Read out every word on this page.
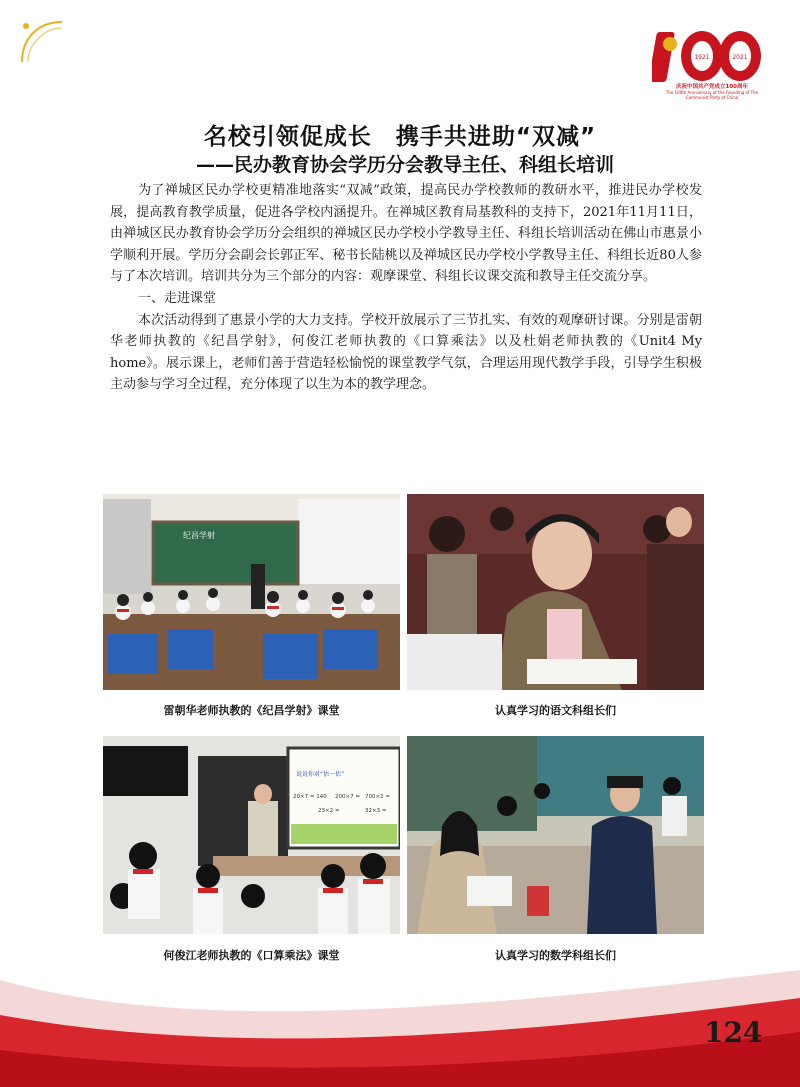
1921	2021
庆祝中国共产党成立100周年
The 100th Anniversary of the Founding of The Communist Party of China
名校引领促成长　携手共进助“双减”
——民办教育协会学历分会教导主任、科组长培训

为了禅城区民办学校更精准地落实“双减”政策，提高民办学校教师的教研水平，推进民办学校发展，提高教育教学质量，促进各学校内涵提升。在禅城区教育局基教科的支持下，2021年11月11日，由禅城区民办教育协会学历分会组织的禅城区民办学校小学教导主任、科组长培训活动在佛山市惠景小学顺利开展。学历分会副会长郭正军、秘书长陆桃以及禅城区民办学校小学教导主任、科组长近80人参与了本次培训。培训共分为三个部分的内容：观摩课堂、科组长议课交流和教导主任交流分享。

一、走进课堂

本次活动得到了惠景小学的大力支持。学校开放展示了三节扎实、有效的观摩研讨课。分别是雷朝华老师执教的《纪昌学射》，何俊江老师执教的《口算乘法》以及杜娟老师执教的《Unit4 My home》。展示课上，老师们善于营造轻松愉悦的课堂教学气氛，合理运用现代教学手段，引导学生积极主动参与学习全过程，充分体现了以生为本的教学理念。

纪昌学射
雷朝华老师执教的《纪昌学射》课堂	认真学习的语文科组长们
说说你对“估一估”
20×7 = 140 200×7 = 700×2 =
23×2 =	32×3 =
何俊江老师执教的《口算乘法》课堂	认真学习的数学科组长们
124
